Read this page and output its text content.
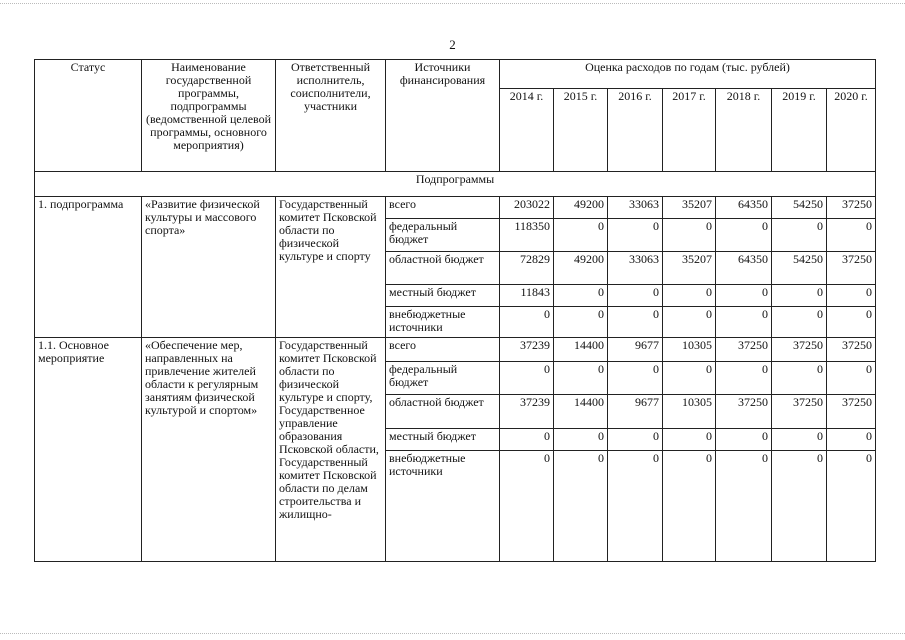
2
Статус	Наименование государственной программы, подпрограммы (ведомственной целевой программы, основного мероприятия)	Ответственный исполнитель, соисполнители, участники	Источники финансирования	Оценка расходов по годам (тыс. рублей)						
				2014 г.	2015 г.	2016 г.	2017 г.	2018 г.	2019 г.	2020 г.
Подпрограммы										
1. подпрограмма	«Развитие физической культуры и массового спорта»	Государственный комитет Псковской области по физической культуре и спорту	всего	203022	49200	33063	35207	64350	54250	37250
			федеральный бюджет	118350	0	0	0	0	0	0
			областной бюджет	72829	49200	33063	35207	64350	54250	37250
			местный бюджет	11843	0	0	0	0	0	0
			внебюджетные источники	0	0	0	0	0	0	0
1.1. Основное мероприятие	«Обеспечение мер, направленных на привлечение жителей области к регулярным занятиям физической культурой и спортом»	Государственный комитет Псковской области по физической культуре и спорту, Государственное управление образования Псковской области, Государственный комитет Псковской области по делам строительства и жилищно-	всего	37239	14400	9677	10305	37250	37250	37250
			федеральный бюджет	0	0	0	0	0	0	0
			областной бюджет	37239	14400	9677	10305	37250	37250	37250
			местный бюджет	0	0	0	0	0	0	0
			внебюджетные источники	0	0	0	0	0	0	0
